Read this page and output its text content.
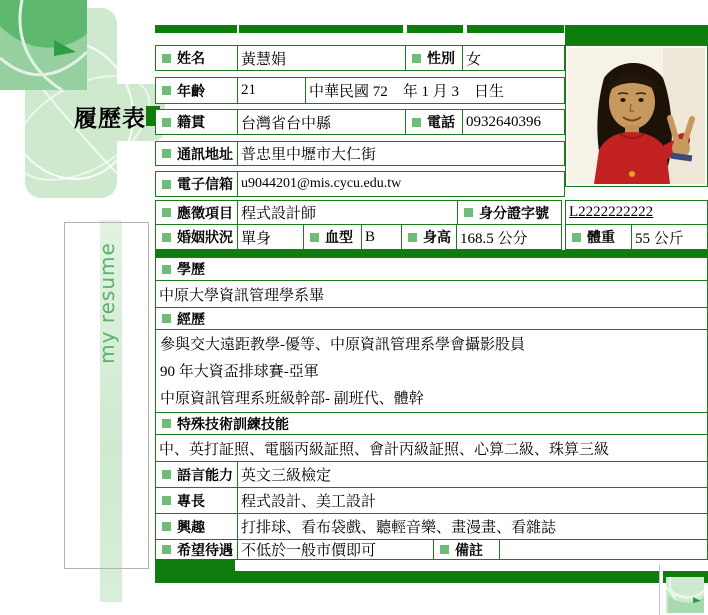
履歷表
my resume
姓名 黃慧娟	性別 女
年齡 21	中華民國 72　年 1 月 3　日生
籍貫 台灣省台中縣	電話 0932640396
通訊地址 普忠里中壢市大仁街
電子信箱 u9044201@mis.cycu.edu.tw
應徵項目 程式設計師	身分證字號 L2222222222
婚姻狀況 單身	血型 B	身高 168.5 公分	體重 55 公斤
學歷
中原大學資訊管理學系畢
經歷
參與交大遠距教學-優等、中原資訊管理系學會攝影股員
90 年大資盃排球賽-亞軍
中原資訊管理系班級幹部- 副班代、體幹
特殊技術訓練技能
中、英打証照、電腦丙級証照、會計丙級証照、心算二級、珠算三級
語言能力 英文三級檢定
專長 程式設計、美工設計
興趣 打排球、看布袋戲、聽輕音樂、畫漫畫、看雜誌
希望待遇 不低於一般市價即可	備註
